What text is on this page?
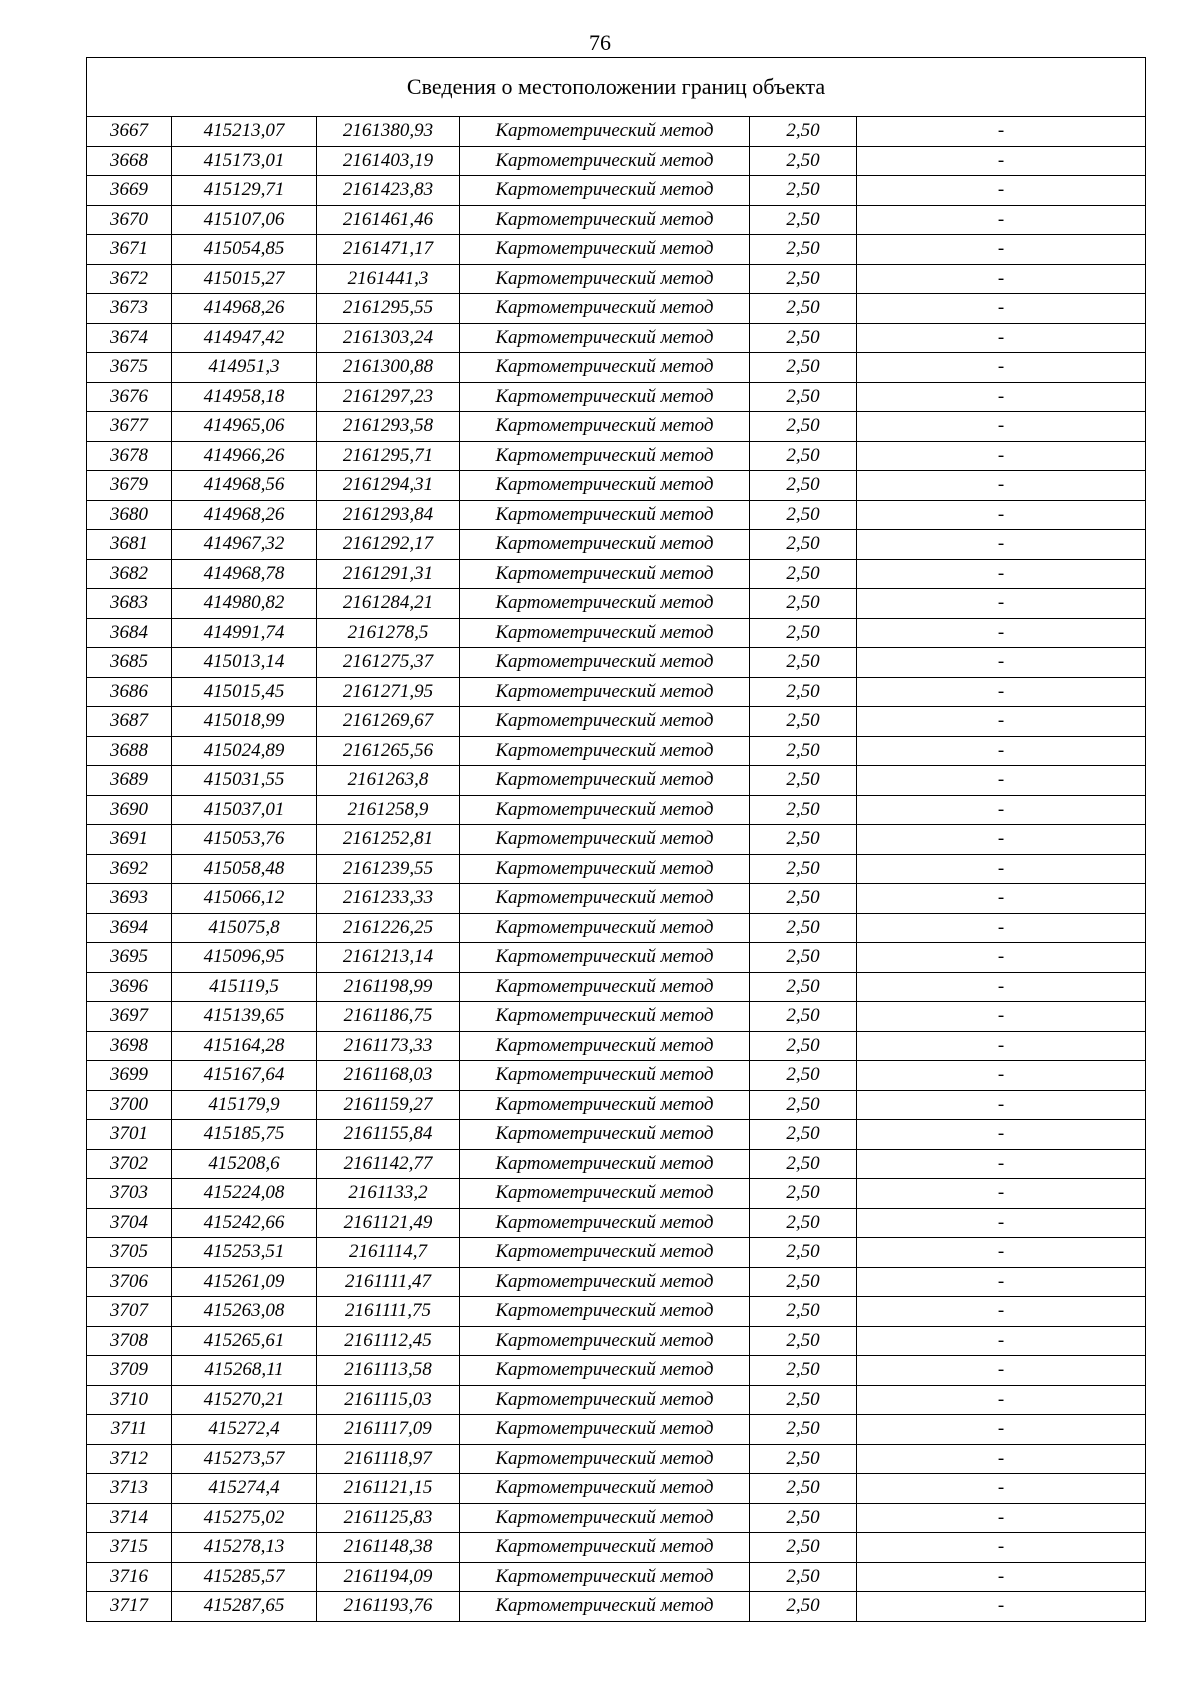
76
Сведения о местоположении границ объекта					
3667	415213,07	2161380,93	Картометрический метод	2,50	-
3668	415173,01	2161403,19	Картометрический метод	2,50	-
3669	415129,71	2161423,83	Картометрический метод	2,50	-
3670	415107,06	2161461,46	Картометрический метод	2,50	-
3671	415054,85	2161471,17	Картометрический метод	2,50	-
3672	415015,27	2161441,3	Картометрический метод	2,50	-
3673	414968,26	2161295,55	Картометрический метод	2,50	-
3674	414947,42	2161303,24	Картометрический метод	2,50	-
3675	414951,3	2161300,88	Картометрический метод	2,50	-
3676	414958,18	2161297,23	Картометрический метод	2,50	-
3677	414965,06	2161293,58	Картометрический метод	2,50	-
3678	414966,26	2161295,71	Картометрический метод	2,50	-
3679	414968,56	2161294,31	Картометрический метод	2,50	-
3680	414968,26	2161293,84	Картометрический метод	2,50	-
3681	414967,32	2161292,17	Картометрический метод	2,50	-
3682	414968,78	2161291,31	Картометрический метод	2,50	-
3683	414980,82	2161284,21	Картометрический метод	2,50	-
3684	414991,74	2161278,5	Картометрический метод	2,50	-
3685	415013,14	2161275,37	Картометрический метод	2,50	-
3686	415015,45	2161271,95	Картометрический метод	2,50	-
3687	415018,99	2161269,67	Картометрический метод	2,50	-
3688	415024,89	2161265,56	Картометрический метод	2,50	-
3689	415031,55	2161263,8	Картометрический метод	2,50	-
3690	415037,01	2161258,9	Картометрический метод	2,50	-
3691	415053,76	2161252,81	Картометрический метод	2,50	-
3692	415058,48	2161239,55	Картометрический метод	2,50	-
3693	415066,12	2161233,33	Картометрический метод	2,50	-
3694	415075,8	2161226,25	Картометрический метод	2,50	-
3695	415096,95	2161213,14	Картометрический метод	2,50	-
3696	415119,5	2161198,99	Картометрический метод	2,50	-
3697	415139,65	2161186,75	Картометрический метод	2,50	-
3698	415164,28	2161173,33	Картометрический метод	2,50	-
3699	415167,64	2161168,03	Картометрический метод	2,50	-
3700	415179,9	2161159,27	Картометрический метод	2,50	-
3701	415185,75	2161155,84	Картометрический метод	2,50	-
3702	415208,6	2161142,77	Картометрический метод	2,50	-
3703	415224,08	2161133,2	Картометрический метод	2,50	-
3704	415242,66	2161121,49	Картометрический метод	2,50	-
3705	415253,51	2161114,7	Картометрический метод	2,50	-
3706	415261,09	2161111,47	Картометрический метод	2,50	-
3707	415263,08	2161111,75	Картометрический метод	2,50	-
3708	415265,61	2161112,45	Картометрический метод	2,50	-
3709	415268,11	2161113,58	Картометрический метод	2,50	-
3710	415270,21	2161115,03	Картометрический метод	2,50	-
3711	415272,4	2161117,09	Картометрический метод	2,50	-
3712	415273,57	2161118,97	Картометрический метод	2,50	-
3713	415274,4	2161121,15	Картометрический метод	2,50	-
3714	415275,02	2161125,83	Картометрический метод	2,50	-
3715	415278,13	2161148,38	Картометрический метод	2,50	-
3716	415285,57	2161194,09	Картометрический метод	2,50	-
3717	415287,65	2161193,76	Картометрический метод	2,50	-
